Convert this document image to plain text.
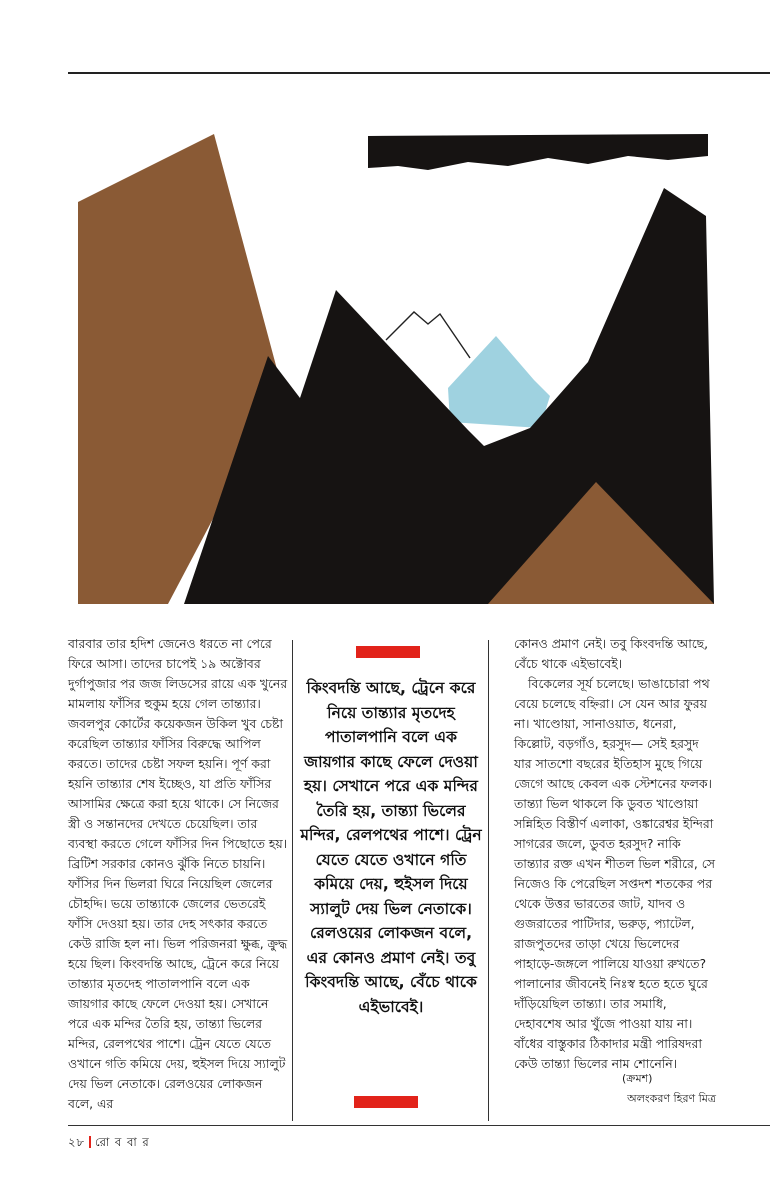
বারবার তার হদিশ জেনেও ধরতে না পেরে ফিরে আসা। তাদের চাপেই ১৯ অক্টোবর দুর্গাপুজার পর জজ লিডসের রায়ে এক খুনের মামলায় ফাঁসির হুকুম হয়ে গেল তান্ত্যার। জবলপুর কোর্টের কয়েকজন উকিল খুব চেষ্টা করেছিল তান্ত্যার ফাঁসির বিরুদ্ধে আপিল করতে। তাদের চেষ্টা সফল হয়নি। পূর্ণ করা হয়নি তান্ত্যার শেষ ইচ্ছেও, যা প্রতি ফাঁসির আসামির ক্ষেত্রে করা হয়ে থাকে। সে নিজের স্ত্রী ও সন্তানদের দেখতে চেয়েছিল। তার ব্যবস্থা করতে গেলে ফাঁসির দিন পিছোতে হয়। ব্রিটিশ সরকার কোনও ঝুঁকি নিতে চায়নি। ফাঁসির দিন ভিলরা ঘিরে নিয়েছিল জেলের চৌহদ্দি। ভয়ে তান্ত্যাকে জেলের ভেতরেই ফাঁসি দেওয়া হয়। তার দেহ সৎকার করতে কেউ রাজি হল না। ভিল পরিজনরা ক্ষুব্ধ, ক্রুদ্ধ হয়ে ছিল। কিংবদন্তি আছে, ট্রেনে করে নিয়ে তান্ত্যার মৃতদেহ পাতালপানি বলে এক জায়গার কাছে ফেলে দেওয়া হয়। সেখানে পরে এক মন্দির তৈরি হয়, তান্ত্যা ভিলের মন্দির, রেলপথের পাশে। ট্রেন যেতে যেতে ওখানে গতি কমিয়ে দেয়, হুইসল দিয়ে স্যালুট দেয় ভিল নেতাকে। রেলওয়ের লোকজন বলে, এর

কিংবদন্তি আছে, ট্রেনে করে নিয়ে তান্ত্যার মৃতদেহ পাতালপানি বলে এক জায়গার কাছে ফেলে দেওয়া হয়। সেখানে পরে এক মন্দির তৈরি হয়, তান্ত্যা ভিলের মন্দির, রেলপথের পাশে। ট্রেন যেতে যেতে ওখানে গতি কমিয়ে দেয়, হুইসল দিয়ে স্যালুট দেয় ভিল নেতাকে। রেলওয়ের লোকজন বলে, এর কোনও প্রমাণ নেই। তবু কিংবদন্তি আছে, বেঁচে থাকে এইভাবেই।

কোনও প্রমাণ নেই। তবু কিংবদন্তি আছে, বেঁচে থাকে এইভাবেই।

বিকেলের সূর্য চলেছে। ভাঙাচোরা পথ বেয়ে চলেছে বহ্নিরা। সে যেন আর ফুরয় না। খাণ্ডোয়া, সানাওয়াত, ধনেরা, কিল্লোট, বড়গাঁও, হরসুদ— সেই হরসুদ যার সাতশো বছরের ইতিহাস মুছে গিয়ে জেগে আছে কেবল এক স্টেশনের ফলক। তান্ত্যা ভিল থাকলে কি ডুবত খাণ্ডোয়া সন্নিহিত বিস্তীর্ণ এলাকা, ওঙ্কারেশ্বর ইন্দিরা সাগরের জলে, ডুবত হরসুদ? নাকি তান্ত্যার রক্ত এখন শীতল ভিল শরীরে, সে নিজেও কি পেরেছিল সপ্তদশ শতকের পর থেকে উত্তর ভারতের জাট, যাদব ও গুজরাতের পাটিদার, ভরুড়, প্যাটেল, রাজপুতদের তাড়া খেয়ে ভিলেদের পাহাড়ে-জঙ্গলে পালিয়ে যাওয়া রুখতে? পালানোর জীবনেই নিঃস্ব হতে হতে ঘুরে দাঁড়িয়েছিল তান্ত্যা। তার সমাধি, দেহাবশেষ আর খুঁজে পাওয়া যায় না। বাঁধের বাস্তুকার ঠিকাদার মন্ত্রী পারিষদরা কেউ তান্ত্যা ভিলের নাম শোনেনি।

(ক্রমশ)
অলংকরণ হিরণ মিত্র
২৮ রো ব বা র
